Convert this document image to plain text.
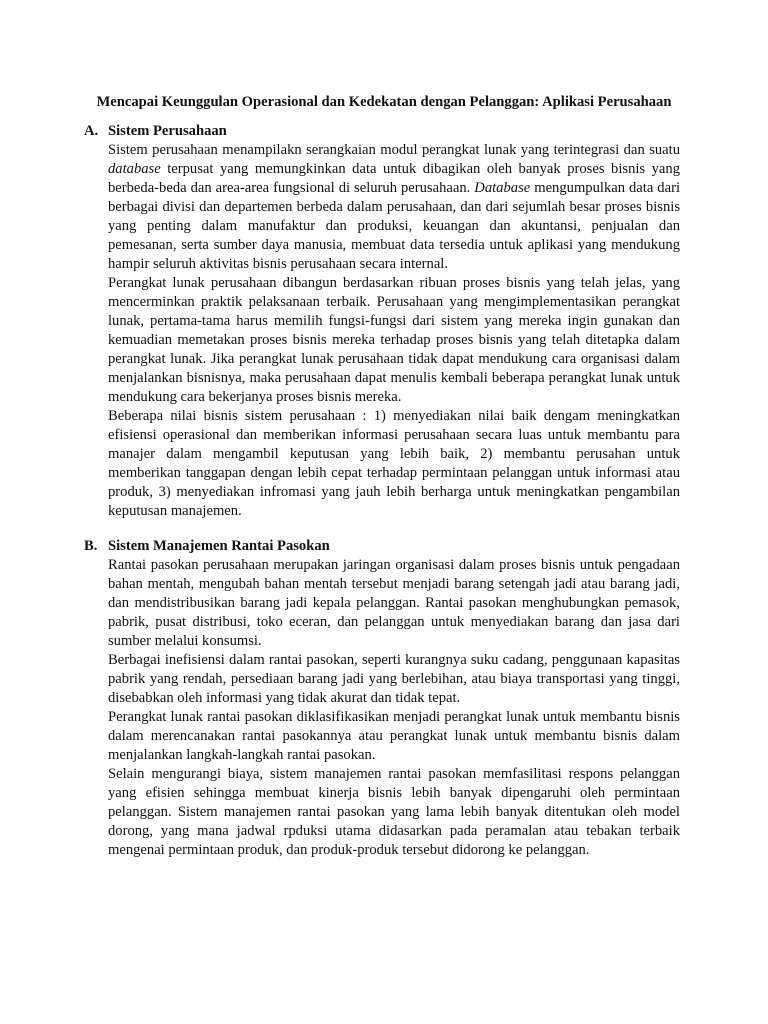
Mencapai Keunggulan Operasional dan Kedekatan dengan Pelanggan: Aplikasi Perusahaan
A. Sistem Perusahaan

Sistem perusahaan menampilakn serangkaian modul perangkat lunak yang terintegrasi dan suatu database terpusat yang memungkinkan data untuk dibagikan oleh banyak proses bisnis yang berbeda-beda dan area-area fungsional di seluruh perusahaan. Database mengumpulkan data dari berbagai divisi dan departemen berbeda dalam perusahaan, dan dari sejumlah besar proses bisnis yang penting dalam manufaktur dan produksi, keuangan dan akuntansi, penjualan dan pemesanan, serta sumber daya manusia, membuat data tersedia untuk aplikasi yang mendukung hampir seluruh aktivitas bisnis perusahaan secara internal.

Perangkat lunak perusahaan dibangun berdasarkan ribuan proses bisnis yang telah jelas, yang mencerminkan praktik pelaksanaan terbaik. Perusahaan yang mengimplementasikan perangkat lunak, pertama-tama harus memilih fungsi-fungsi dari sistem yang mereka ingin gunakan dan kemuadian memetakan proses bisnis mereka terhadap proses bisnis yang telah ditetapka dalam perangkat lunak. Jika perangkat lunak perusahaan tidak dapat mendukung cara organisasi dalam menjalankan bisnisnya, maka perusahaan dapat menulis kembali beberapa perangkat lunak untuk mendukung cara bekerjanya proses bisnis mereka.

Beberapa nilai bisnis sistem perusahaan : 1) menyediakan nilai baik dengam meningkatkan efisiensi operasional dan memberikan informasi perusahaan secara luas untuk membantu para manajer dalam mengambil keputusan yang lebih baik, 2) membantu perusahan untuk memberikan tanggapan dengan lebih cepat terhadap permintaan pelanggan untuk informasi atau produk, 3) menyediakan infromasi yang jauh lebih berharga untuk meningkatkan pengambilan keputusan manajemen.

B. Sistem Manajemen Rantai Pasokan

Rantai pasokan perusahaan merupakan jaringan organisasi dalam proses bisnis untuk pengadaan bahan mentah, mengubah bahan mentah tersebut menjadi barang setengah jadi atau barang jadi, dan mendistribusikan barang jadi kepala pelanggan. Rantai pasokan menghubungkan pemasok, pabrik, pusat distribusi, toko eceran, dan pelanggan untuk menyediakan barang dan jasa dari sumber melalui konsumsi.

Berbagai inefisiensi dalam rantai pasokan, seperti kurangnya suku cadang, penggunaan kapasitas pabrik yang rendah, persediaan barang jadi yang berlebihan, atau biaya transportasi yang tinggi, disebabkan oleh informasi yang tidak akurat dan tidak tepat.

Perangkat lunak rantai pasokan diklasifikasikan menjadi perangkat lunak untuk membantu bisnis dalam merencanakan rantai pasokannya atau perangkat lunak untuk membantu bisnis dalam menjalankan langkah-langkah rantai pasokan.

Selain mengurangi biaya, sistem manajemen rantai pasokan memfasilitasi respons pelanggan yang efisien sehingga membuat kinerja bisnis lebih banyak dipengaruhi oleh permintaan pelanggan. Sistem manajemen rantai pasokan yang lama lebih banyak ditentukan oleh model dorong, yang mana jadwal rpduksi utama didasarkan pada peramalan atau tebakan terbaik mengenai permintaan produk, dan produk-produk tersebut didorong ke pelanggan.
